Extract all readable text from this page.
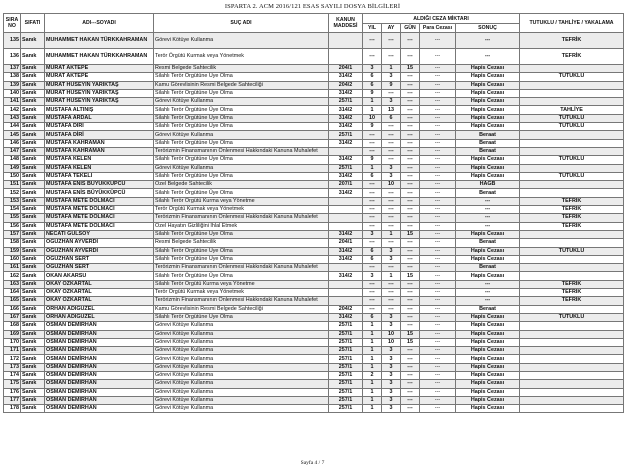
ISPARTA 2. ACM 2016/121 ESAS SAYILI DOSYA BİLGİLERİ
SIRA NO	SIFATI	ADI---SOYADI	SUÇ ADI	KANUN MADDESİ	ALDIĞI CEZA MİKTARI					TUTUKLU / TAHLİYE / YAKALAMA
					YIL	AY	GÜN	Para Cezası	SONUÇ	
135	Sanık	MUHAMMET HAKAN TÜRKKAHRAMAN	Görevi Kötüye Kullanma		---	---	---	---	---	TEFRİK
136	Sanık	MUHAMMET HAKAN TÜRKKAHRAMAN	Terör Örgütü Kurmak veya Yönetmek		---	---	---	---	---	TEFRİK
137	Sanık	MURAT AKTEPE	Resmi Belgede Sahtecilik	204/1	3	1	15	---	Hapis Cezası	
138	Sanık	MURAT AKTEPE	Silahlı Terör Örgütüne Üye Olma	314/2	6	3	---	---	Hapis Cezası	TUTUKLU
139	Sanık	MURAT HÜSEYİN YARIKTAŞ	Kamu Görevlisinin Resmi Belgede Sahteciliği	204/2	6	9	---	---	Hapis Cezası	
140	Sanık	MURAT HÜSEYİN YARIKTAŞ	Silahlı Terör Örgütüne Üye Olma	314/2	9	---	---	---	Hapis Cezası	
141	Sanık	MURAT HÜSEYİN YARIKTAŞ	Görevi Kötüye Kullanma	257/1	1	3	---	---	Hapis Cezası	
142	Sanık	MUSTAFA ALTINIŞ	Silahlı Terör Örgütüne Üye Olma	314/2	1	13	---	---	Hapis Cezası	TAHLİYE
143	Sanık	MUSTAFA ARDAL	Silahlı Terör Örgütüne Üye Olma	314/2	10	6	---	---	Hapis Cezası	TUTUKLU
144	Sanık	MUSTAFA DİRİ	Silahlı Terör Örgütüne Üye Olma	314/2	9	---	---	---	Hapis Cezası	TUTUKLU
145	Sanık	MUSTAFA DİRİ	Görevi Kötüye Kullanma	257/1	---	---	---	---	Beraat	
146	Sanık	MUSTAFA KAHRAMAN	Silahlı Terör Örgütüne Üye Olma	314/2	---	---	---	---	Beraat	
147	Sanık	MUSTAFA KAHRAMAN	Terörizmin Finansmanının Önlenmesi Hakkındaki Kanuna Muhalefet		---	---	---	---	Beraat	
148	Sanık	MUSTAFA KELEN	Silahlı Terör Örgütüne Üye Olma	314/2	9	---	---	---	Hapis Cezası	TUTUKLU
149	Sanık	MUSTAFA KELEN	Görevi Kötüye Kullanma	257/1	1	3	---	---	Hapis Cezası	
150	Sanık	MUSTAFA TEKELİ	Silahlı Terör Örgütüne Üye Olma	314/2	6	3	---	---	Hapis Cezası	TUTUKLU
151	Sanık	MUSTAFA ENİS BÜYÜKKÜPCÜ	Özel Belgede Sahtecilik	207/1	---	10	---	---	HAGB	
152	Sanık	MUSTAFA ENİS BÜYÜKKÜPCÜ	Silahlı Terör Örgütüne Üye Olma	314/2	---	---	---	---	Beraat	
153	Sanık	MUSTAFA METE DOLMACI	Silahlı Terör Örgütü Kurma veya Yönetme		---	---	---	---	---	TEFRİK
154	Sanık	MUSTAFA METE DOLMACI	Terör Örgütü Kurmak veya Yönetmek		---	---	---	---	---	TEFRİK
155	Sanık	MUSTAFA METE DOLMACI	Terörizmin Finansmanının Önlenmesi Hakkındaki Kanuna Muhalefet		---	---	---	---	---	TEFRİK
156	Sanık	MUSTAFA METE DOLMACI	Özel Hayatın Gizliliğini İhlal Etmek		---	---	---	---	---	TEFRİK
157	Sanık	NECATİ GÜLSOY	Silahlı Terör Örgütüne Üye Olma	314/2	3	1	15	---	Hapis Cezası	
158	Sanık	OĞUZHAN AYVERDİ	Resmi Belgede Sahtecilik	204/1	---	---	---	---	Beraat	
159	Sanık	OĞUZHAN AYVERDİ	Silahlı Terör Örgütüne Üye Olma	314/2	6	3	---	---	Hapis Cezası	TUTUKLU
160	Sanık	OĞUZHAN SERT	Silahlı Terör Örgütüne Üye Olma	314/2	6	3	---	---	Hapis Cezası	
161	Sanık	OĞUZHAN SERT	Terörizmin Finansmanının Önlenmesi Hakkındaki Kanuna Muhalefet		---	---	---	---	Beraat	
162	Sanık	OKAN AKARSU	Silahlı Terör Örgütüne Üye Olma	314/2	3	1	15	---	Hapis Cezası	
163	Sanık	OKAY ÖZKARTAL	Silahlı Terör Örgütü Kurma veya Yönetme		---	---	---	---	---	TEFRİK
164	Sanık	OKAY ÖZKARTAL	Terör Örgütü Kurmak veya Yönetmek		---	---	---	---	---	TEFRİK
165	Sanık	OKAY ÖZKARTAL	Terörizmin Finansmanının Önlenmesi Hakkındaki Kanuna Muhalefet		---	---	---	---	---	TEFRİK
166	Sanık	ORHAN ADIGÜZEL	Kamu Görevlisinin Resmi Belgede Sahteciliği	204/2	---	---	---	---	Beraat	
167	Sanık	ORHAN ADIGÜZEL	Silahlı Terör Örgütüne Üye Olma	314/2	6	3	---	---	Hapis Cezası	TUTUKLU
168	Sanık	OSMAN DEMİRHAN	Görevi Kötüye Kullanma	257/1	1	3	---	---	Hapis Cezası	
169	Sanık	OSMAN DEMİRHAN	Görevi Kötüye Kullanma	257/1	1	10	15	---	Hapis Cezası	
170	Sanık	OSMAN DEMİRHAN	Görevi Kötüye Kullanma	257/1	1	10	15	---	Hapis Cezası	
171	Sanık	OSMAN DEMİRHAN	Görevi Kötüye Kullanma	257/1	1	3	---	---	Hapis Cezası	
172	Sanık	OSMAN DEMİRHAN	Görevi Kötüye Kullanma	257/1	1	3	---	---	Hapis Cezası	
173	Sanık	OSMAN DEMİRHAN	Görevi Kötüye Kullanma	257/1	1	3	---	---	Hapis Cezası	
174	Sanık	OSMAN DEMİRHAN	Görevi Kötüye Kullanma	257/1	2	3	---	---	Hapis Cezası	
175	Sanık	OSMAN DEMİRHAN	Görevi Kötüye Kullanma	257/1	1	3	---	---	Hapis Cezası	
176	Sanık	OSMAN DEMİRHAN	Görevi Kötüye Kullanma	257/1	1	3	---	---	Hapis Cezası	
177	Sanık	OSMAN DEMİRHAN	Görevi Kötüye Kullanma	257/1	1	3	---	---	Hapis Cezası	
178	Sanık	OSMAN DEMİRHAN	Görevi Kötüye Kullanma	257/1	1	3	---	---	Hapis Cezası	
Sayfa 4 / 7
